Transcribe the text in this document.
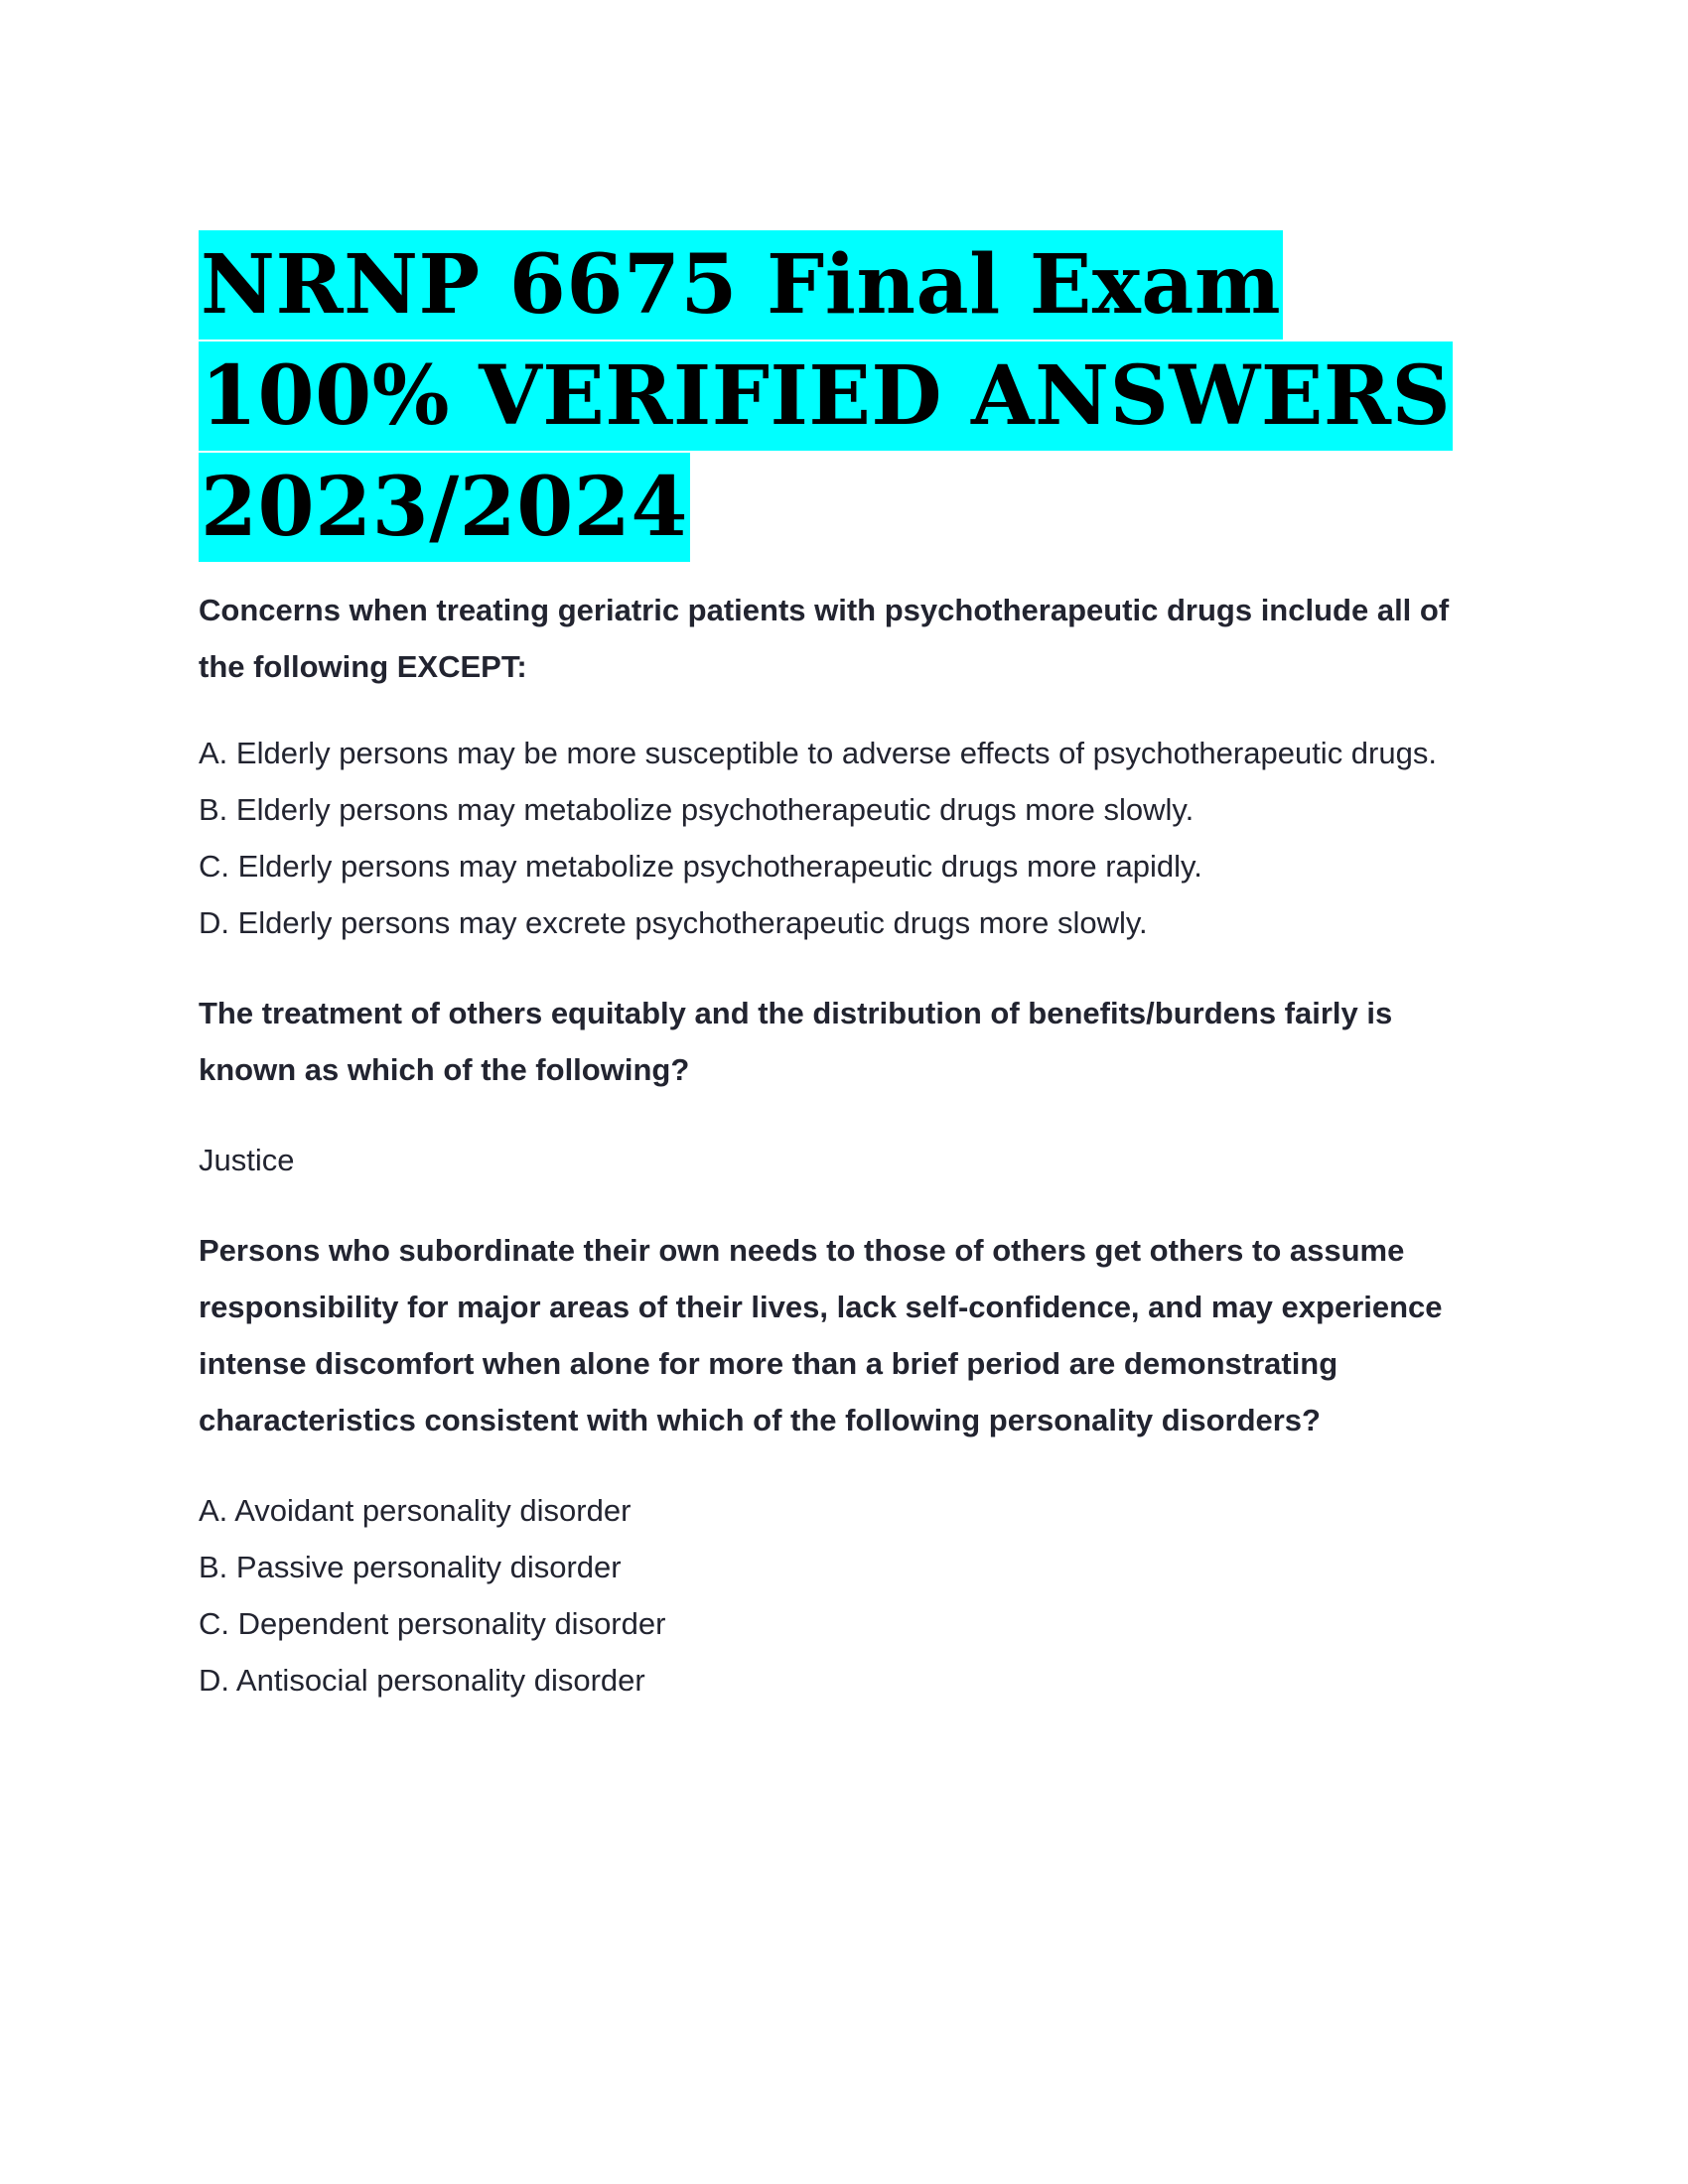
NRNP 6675 Final Exam
100% VERIFIED ANSWERS
2023/2024

Concerns when treating geriatric patients with psychotherapeutic drugs include all of the following EXCEPT:

A. Elderly persons may be more susceptible to adverse effects of psychotherapeutic drugs.
B. Elderly persons may metabolize psychotherapeutic drugs more slowly.
C. Elderly persons may metabolize psychotherapeutic drugs more rapidly.
D. Elderly persons may excrete psychotherapeutic drugs more slowly.

The treatment of others equitably and the distribution of benefits/burdens fairly is known as which of the following?

Justice

Persons who subordinate their own needs to those of others get others to assume responsibility for major areas of their lives, lack self-confidence, and may experience intense discomfort when alone for more than a brief period are demonstrating characteristics consistent with which of the following personality disorders?

A. Avoidant personality disorder
B. Passive personality disorder
C. Dependent personality disorder
D. Antisocial personality disorder
